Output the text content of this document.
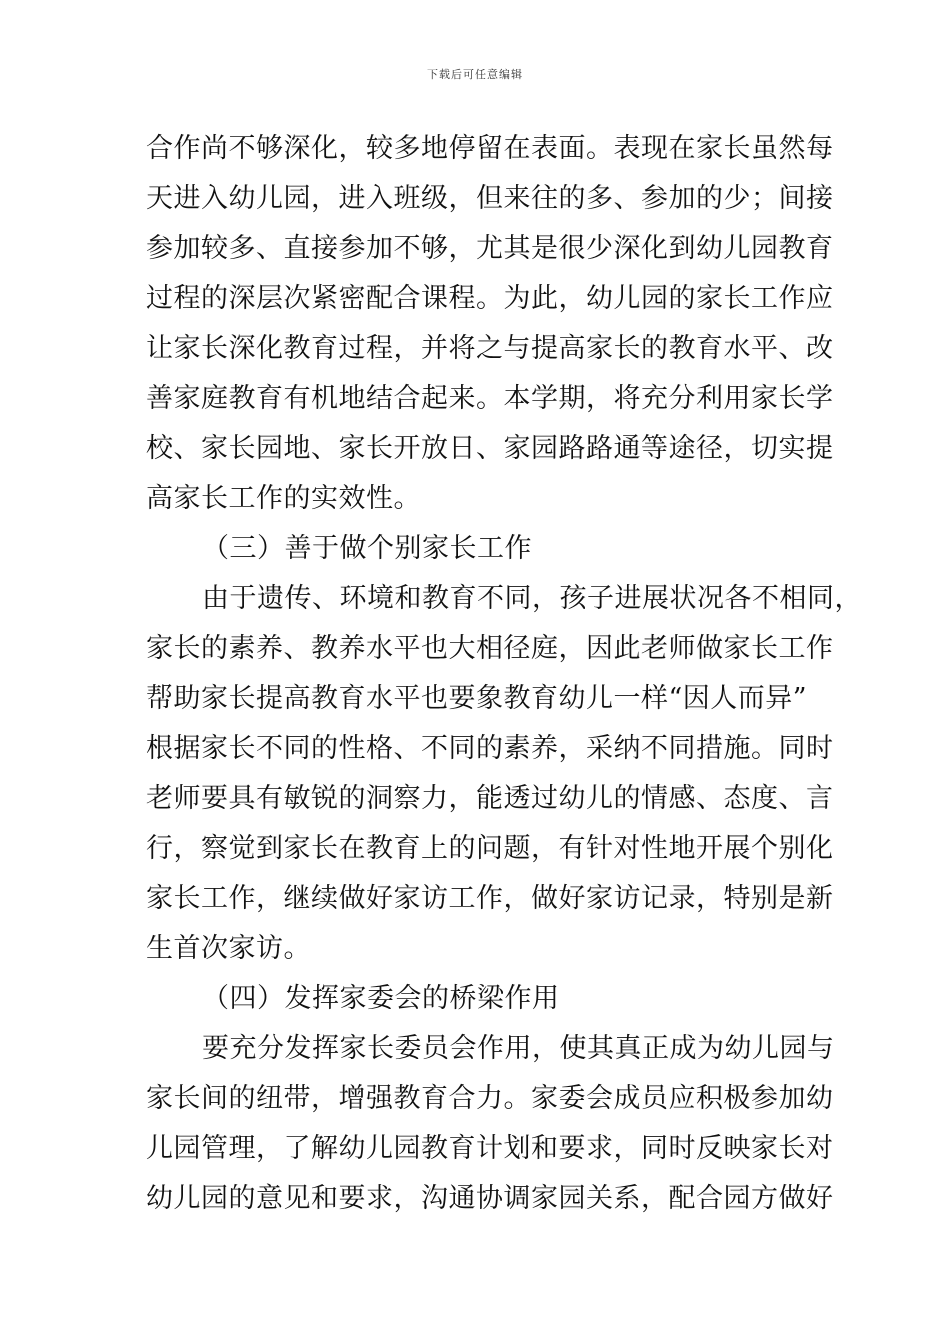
下载后可任意编辑
合作尚不够深化，较多地停留在表面。表现在家长虽然每
天进入幼儿园，进入班级，但来往的多、参加的少；间接
参加较多、直接参加不够，尤其是很少深化到幼儿园教育
过程的深层次紧密配合课程。为此，幼儿园的家长工作应
让家长深化教育过程，并将之与提高家长的教育水平、改
善家庭教育有机地结合起来。本学期，将充分利用家长学
校、家长园地、家长开放日、家园路路通等途径，切实提
高家长工作的实效性。
（三）善于做个别家长工作
由于遗传、环境和教育不同，孩子进展状况各不相同，
家长的素养、教养水平也大相径庭，因此老师做家长工作
帮助家长提高教育水平也要象教育幼儿一样“因人而异”
根据家长不同的性格、不同的素养，采纳不同措施。同时
老师要具有敏锐的洞察力，能透过幼儿的情感、态度、言
行，察觉到家长在教育上的问题，有针对性地开展个别化
家长工作，继续做好家访工作，做好家访记录，特别是新
生首次家访。
（四）发挥家委会的桥梁作用
要充分发挥家长委员会作用，使其真正成为幼儿园与
家长间的纽带，增强教育合力。家委会成员应积极参加幼
儿园管理，了解幼儿园教育计划和要求，同时反映家长对
幼儿园的意见和要求，沟通协调家园关系，配合园方做好
